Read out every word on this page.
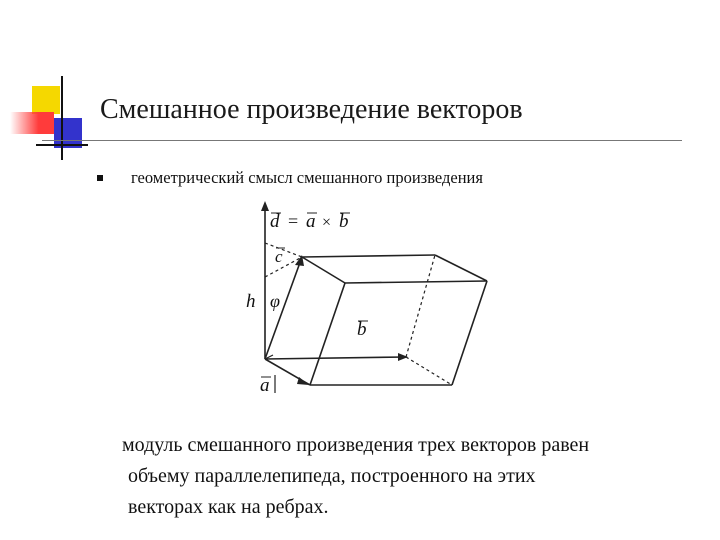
Смешанное произведение векторов
геометрический смысл смешанного произведения
d = a × b
c
h φ
b
a
модуль смешанного произведения трех векторов равен
объему параллелепипеда, построенного на этих
векторах как на ребрах.
